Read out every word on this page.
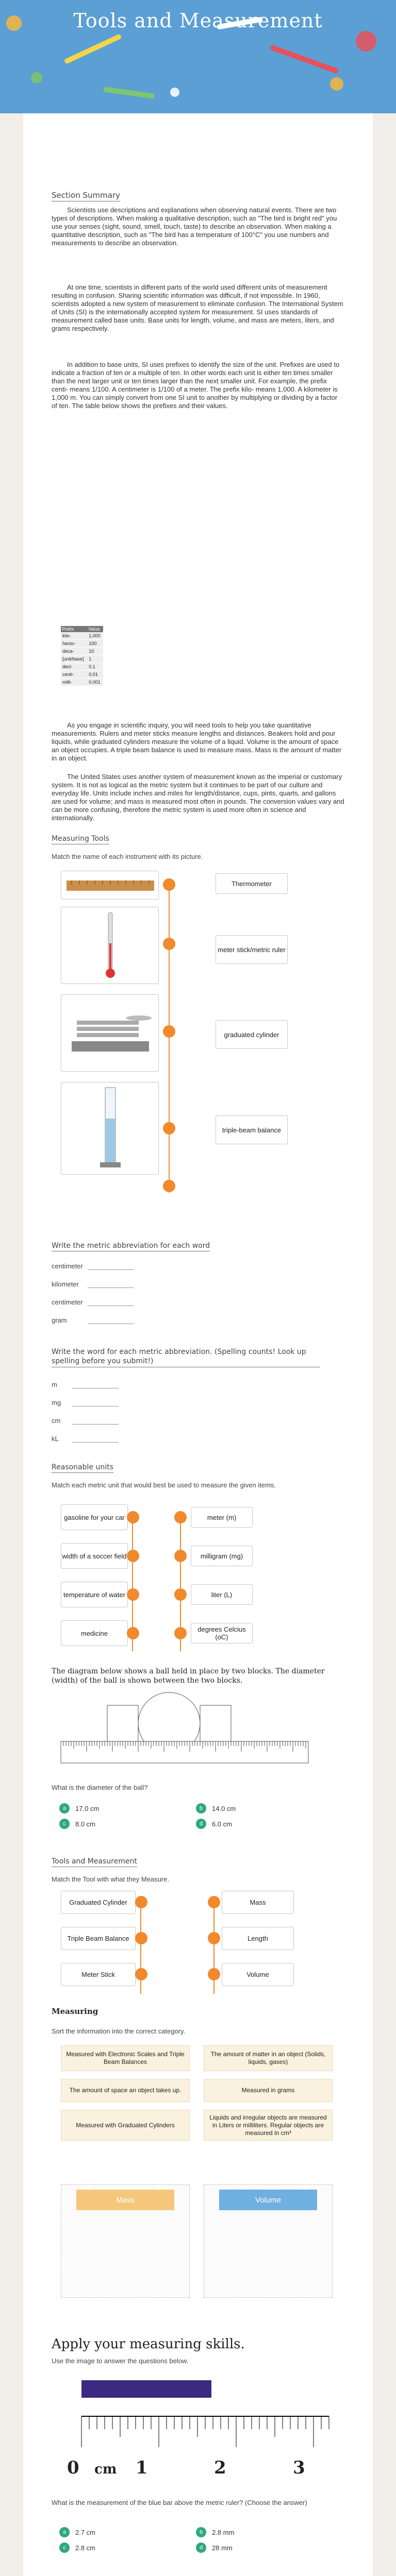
Tools and Measurement
Section Summary
Scientists use descriptions and explanations when observing natural events. There are two types of descriptions. When making a qualitative description, such as "The bird is bright red" you use your senses (sight, sound, smell, touch, taste) to describe an observation. When making a quantitative description, such as "The bird has a temperature of 100°C" you use numbers and measurements to describe an observation.
At one time, scientists in different parts of the world used different units of measurement resulting in confusion. Sharing scientific information was difficult, if not impossible. In 1960, scientists adopted a new system of measurement to eliminate confusion. The International System of Units (SI) is the internationally accepted system for measurement. SI uses standards of measurement called base units. Base units for length, volume, and mass are meters, liters, and grams respectively.
In addition to base units, SI uses prefixes to identify the size of the unit. Prefixes are used to indicate a fraction of ten or a multiple of ten. In other words each unit is either ten times smaller than the next larger unit or ten times larger than the next smaller unit. For example, the prefix centi- means 1/100. A centimeter is 1/100 of a meter. The prefix kilo- means 1,000. A kilometer is 1,000 m. You can simply convert from one SI unit to another by multiplying or dividing by a factor of ten. The table below shows the prefixes and their values.
Prefix	Value
kilo-	1,000
hecto-	100
deca-	10
[unit/base]	1
deci-	0.1
centi-	0.01
milli-	0.001
As you engage in scientific inquiry, you will need tools to help you take quantitative measurements. Rulers and meter sticks measure lengths and distances. Beakers hold and pour liquids, while graduated cylinders measure the volume of a liquid. Volume is the amount of space an object occupies. A triple beam balance is used to measure mass. Mass is the amount of matter in an object.
The United States uses another system of measurement known as the imperial or customary system. It is not as logical as the metric system but it continues to be part of our culture and everyday life. Units include inches and miles for length/distance, cups, pints, quarts, and gallons are used for volume; and mass is measured most often in pounds. The conversion values vary and can be more confusing, therefore the metric system is used more often in science and internationally.
Measuring Tools
Match the name of each instrument with its picture.
Thermometer
meter stick/metric ruler
graduated cylinder
triple-beam balance
Write the metric abbreviation for each word
centimeter
kilometer
centimeter
gram
Write the word for each metric abbreviation. (Spelling counts! Look up spelling before you submit!)
m
mg
cm
kL
Reasonable units
Match each metric unit that would best be used to measure the given items.
gasoline for your car	meter (m)
width of a soccer field	milligram (mg)
temperature of water	liter (L)
medicine	degrees Celcius (oC)
The diagram below shows a ball held in place by two blocks. The diameter (width) of the ball is shown between the two blocks.
What is the diameter of the ball?
a	17.0 cm	b	14.0 cm
c	8.0 cm	d	6.0 cm
Tools and Measurement
Match the Tool with what they Measure.
Graduated Cylinder	Mass
Triple Beam Balance	Length
Meter Stick	Volume
Measuring
Sort the information into the correct category.
Measured with Electronic Scales and Triple Beam Balances
The amount of matter in an object (Solids, liquids, gases)
The amount of space an object takes up.	Measured in grams
Measured with Graduated Cylinders
Liquids and irregular objects are measured in Liters or milliliters. Regular objects are measured in cm³
Mass	Volume
Apply your measuring skills.
Use the image to answer the questions below.
0 cm 1	2	3
What is the measurement of the blue bar above the metric ruler? (Choose the answer)
a	2.7 cm	b	2.8 mm
c	2.8 cm	d	28 mm
